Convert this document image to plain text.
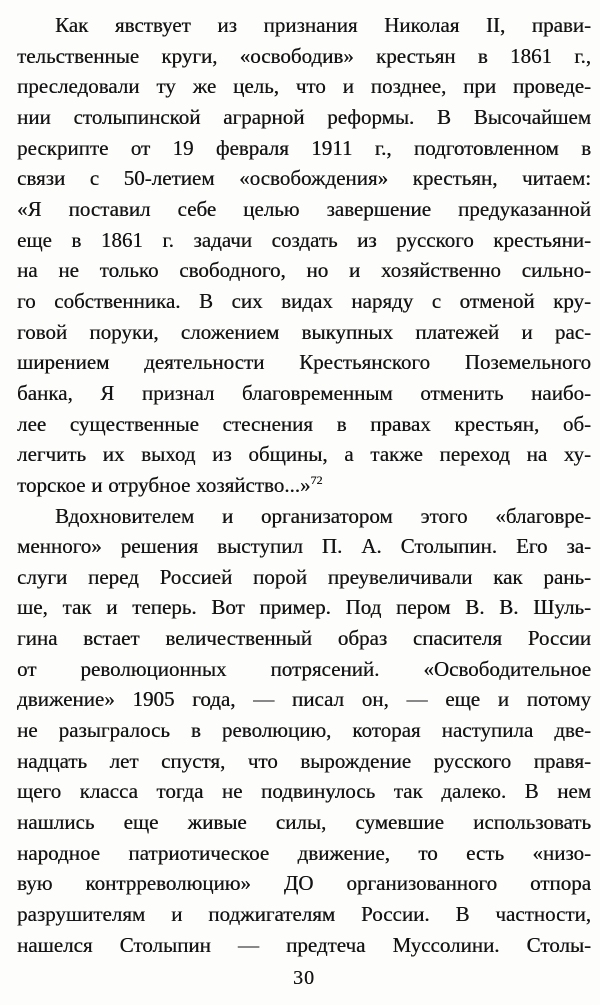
Как явствует из признания Николая II, прави-
тельственные круги, «освободив» крестьян в 1861 г.,
преследовали ту же цель, что и позднее, при проведе-
нии столыпинской аграрной реформы. В Высочайшем
рескрипте от 19 февраля 1911 г., подготовленном в
связи с 50-летием «освобождения» крестьян, читаем:
«Я поставил себе целью завершение предуказанной
еще в 1861 г. задачи создать из русского крестьяни-
на не только свободного, но и хозяйственно сильно-
го собственника. В сих видах наряду с отменой кру-
говой поруки, сложением выкупных платежей и рас-
ширением деятельности Крестьянского Поземельного
банка, Я признал благовременным отменить наибо-
лее существенные стеснения в правах крестьян, об-
легчить их выход из общины, а также переход на ху-
торское и отрубное хозяйство...»$^{72}$
Вдохновителем и организатором этого «благовре-
менного» решения выступил П. А. Столыпин. Его за-
слуги перед Россией порой преувеличивали как рань-
ше, так и теперь. Вот пример. Под пером В. В. Шуль-
гина встает величественный образ спасителя России
от революционных потрясений. «Освободительное
движение» 1905 года, — писал он, — еще и потому
не разыгралось в революцию, которая наступила две-
надцать лет спустя, что вырождение русского правя-
щего класса тогда не подвинулось так далеко. В нем
нашлись еще живые силы, сумевшие использовать
народное патриотическое движение, то есть «низо-
вую контрреволюцию» ДО организованного отпора
разрушителям и поджигателям России. В частности,
нашелся Столыпин — предтеча Муссолини. Столы-
30
